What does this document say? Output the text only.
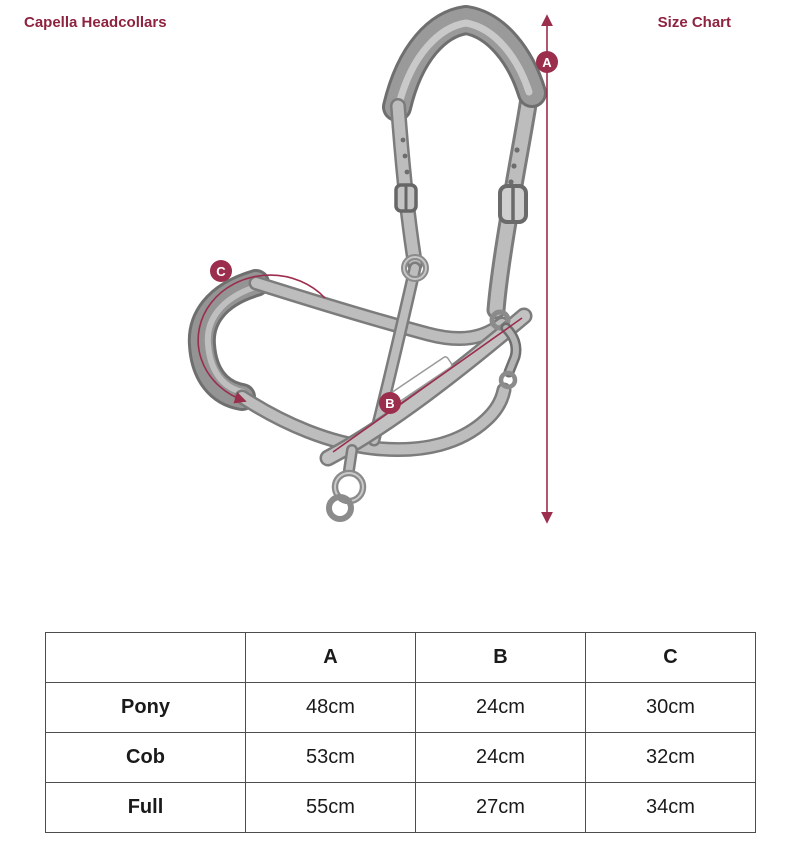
Capella Headcollars	Size Chart
A
B
C
	A	B	C
Pony	48cm	24cm	30cm
Cob	53cm	24cm	32cm
Full	55cm	27cm	34cm
